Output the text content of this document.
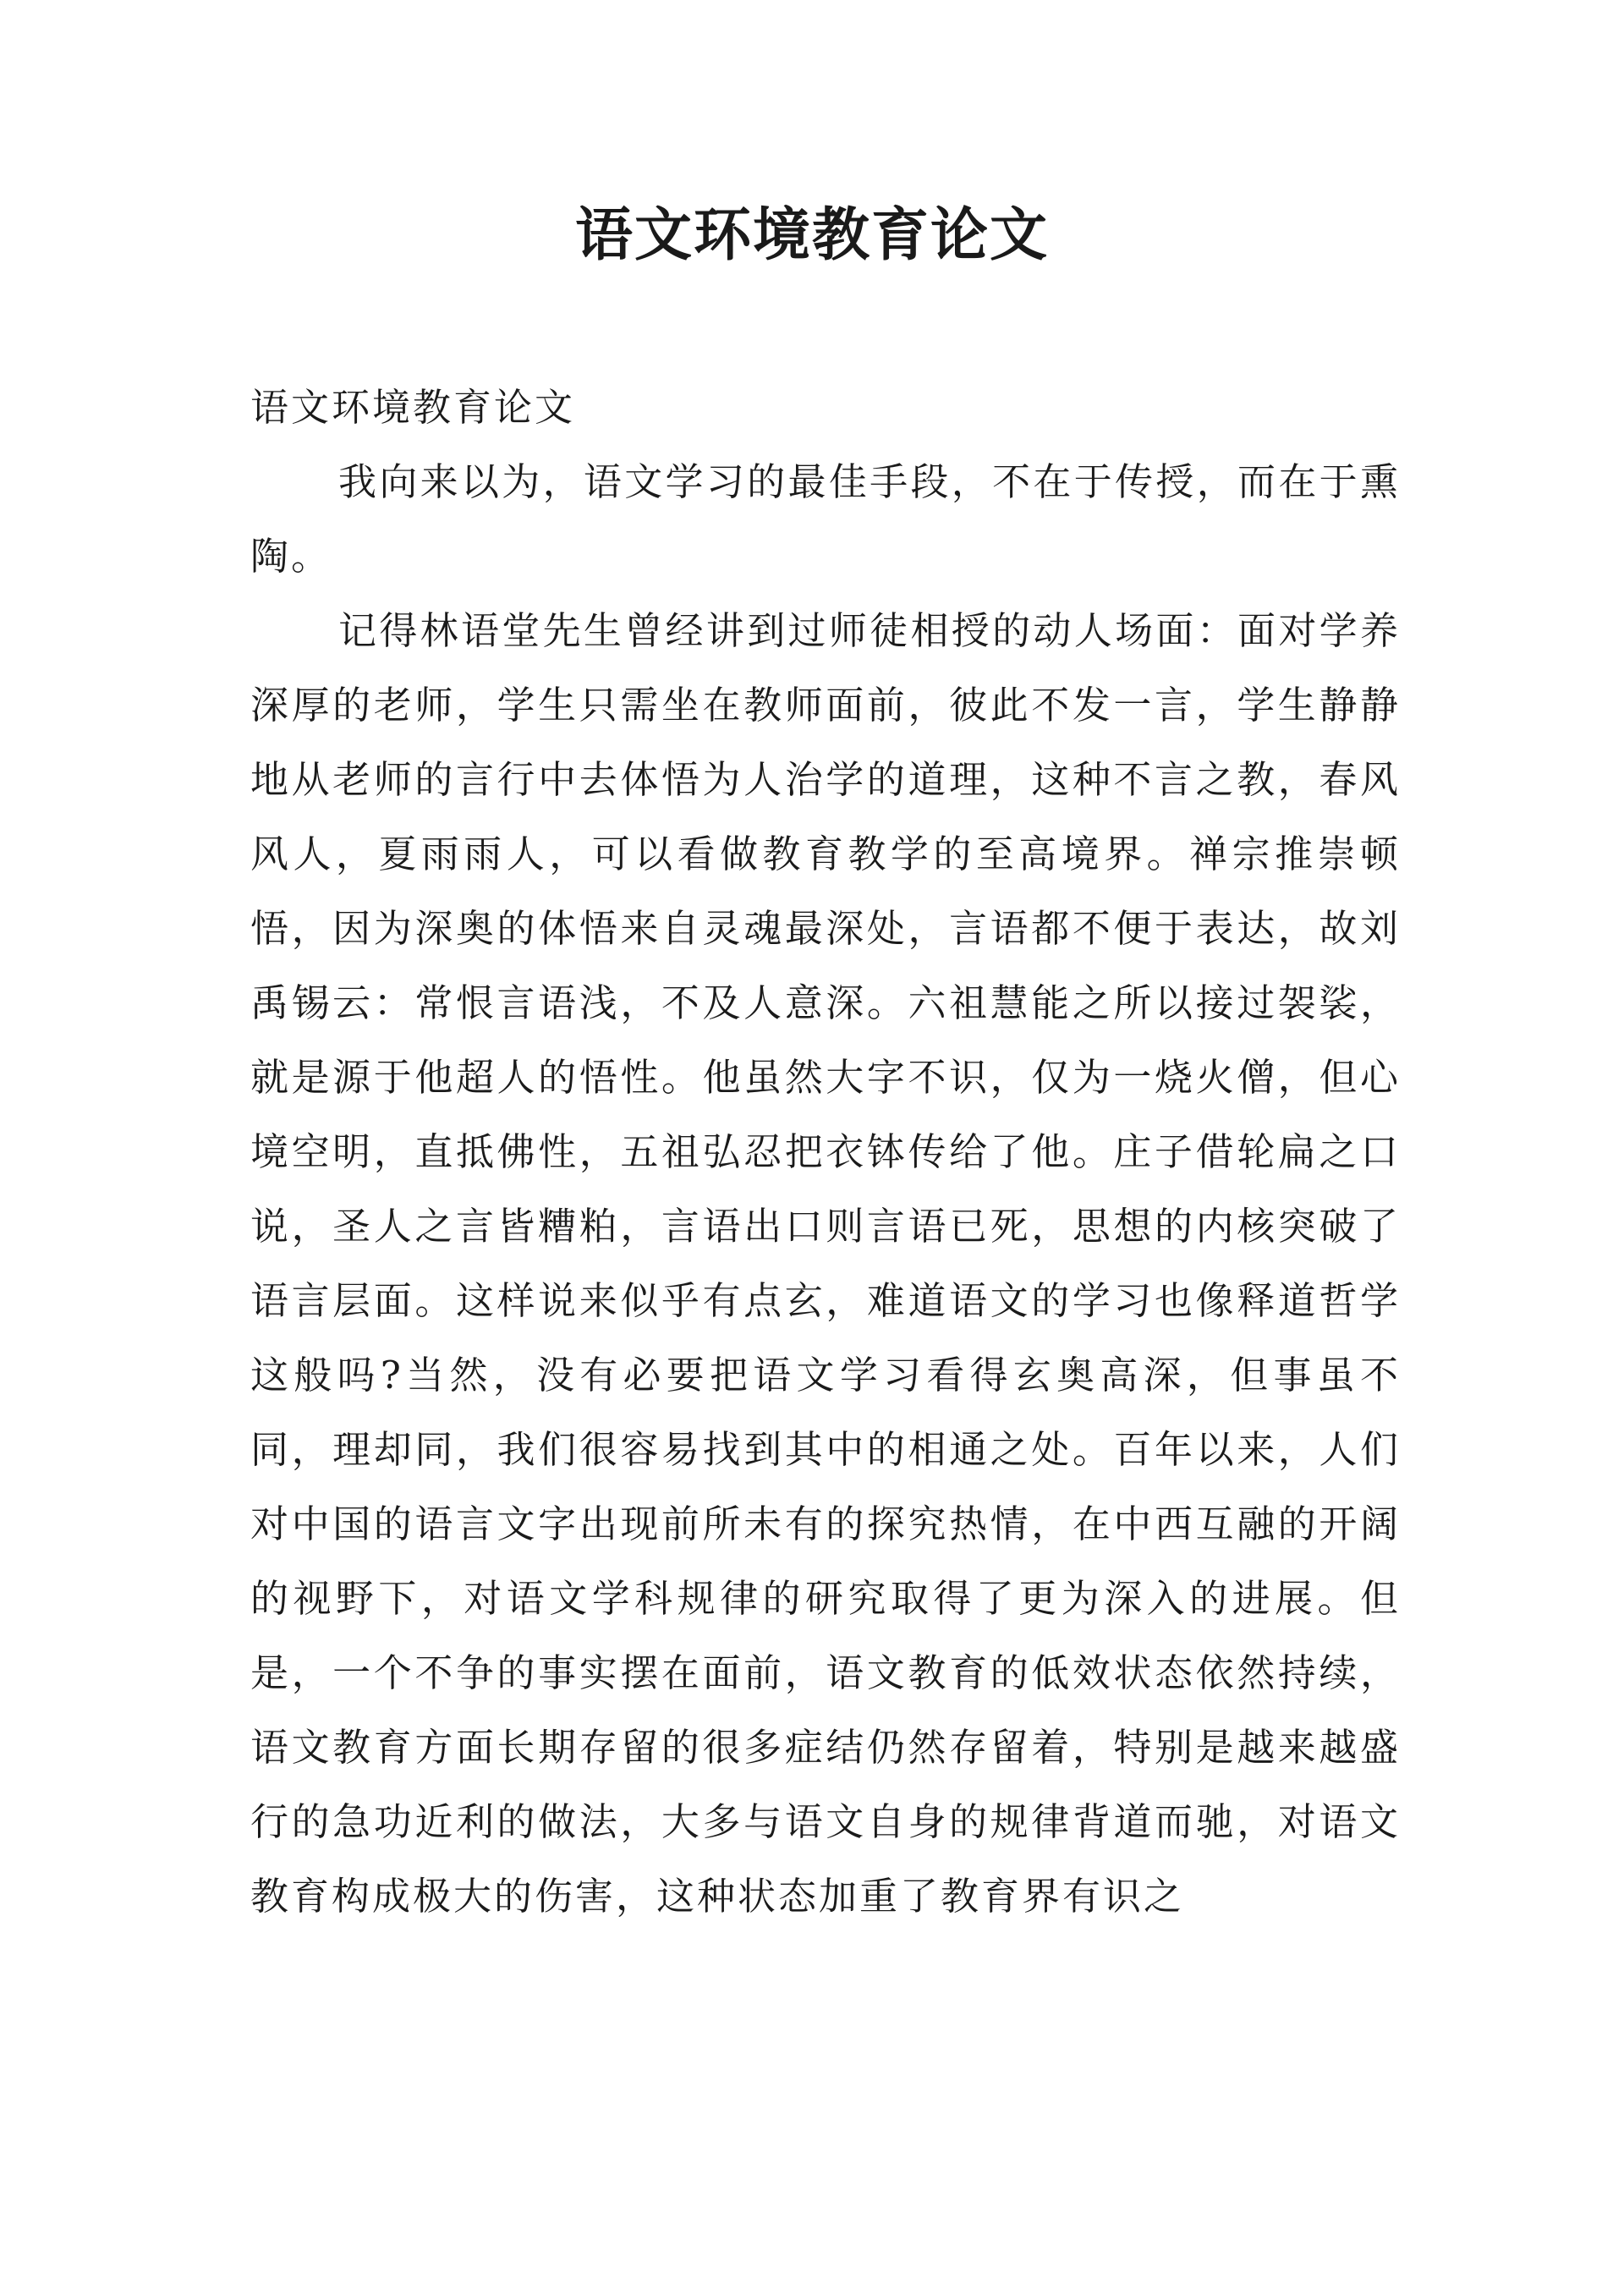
语文环境教育论文

语文环境教育论文

我向来以为，语文学习的最佳手段，不在于传授，而在于熏陶。

记得林语堂先生曾经讲到过师徒相授的动人场面：面对学养深厚的老师，学生只需坐在教师面前，彼此不发一言，学生静静地从老师的言行中去体悟为人治学的道理，这种不言之教，春风风人，夏雨雨人，可以看做教育教学的至高境界。禅宗推崇顿悟，因为深奥的体悟来自灵魂最深处，言语都不便于表达，故刘禹锡云：常恨言语浅，不及人意深。六祖慧能之所以接过袈裟，就是源于他超人的悟性。他虽然大字不识，仅为一烧火僧，但心境空明，直抵佛性，五祖弘忍把衣钵传给了他。庄子借轮扁之口说，圣人之言皆糟粕，言语出口则言语已死，思想的内核突破了语言层面。这样说来似乎有点玄，难道语文的学习也像释道哲学这般吗?当然，没有必要把语文学习看得玄奥高深，但事虽不同，理却同，我们很容易找到其中的相通之处。百年以来，人们对中国的语言文字出现前所未有的探究热情，在中西互融的开阔的视野下，对语文学科规律的研究取得了更为深入的进展。但是，一个不争的事实摆在面前，语文教育的低效状态依然持续，语文教育方面长期存留的很多症结仍然存留着，特别是越来越盛行的急功近利的做法，大多与语文自身的规律背道而驰，对语文教育构成极大的伤害，这种状态加重了教育界有识之
